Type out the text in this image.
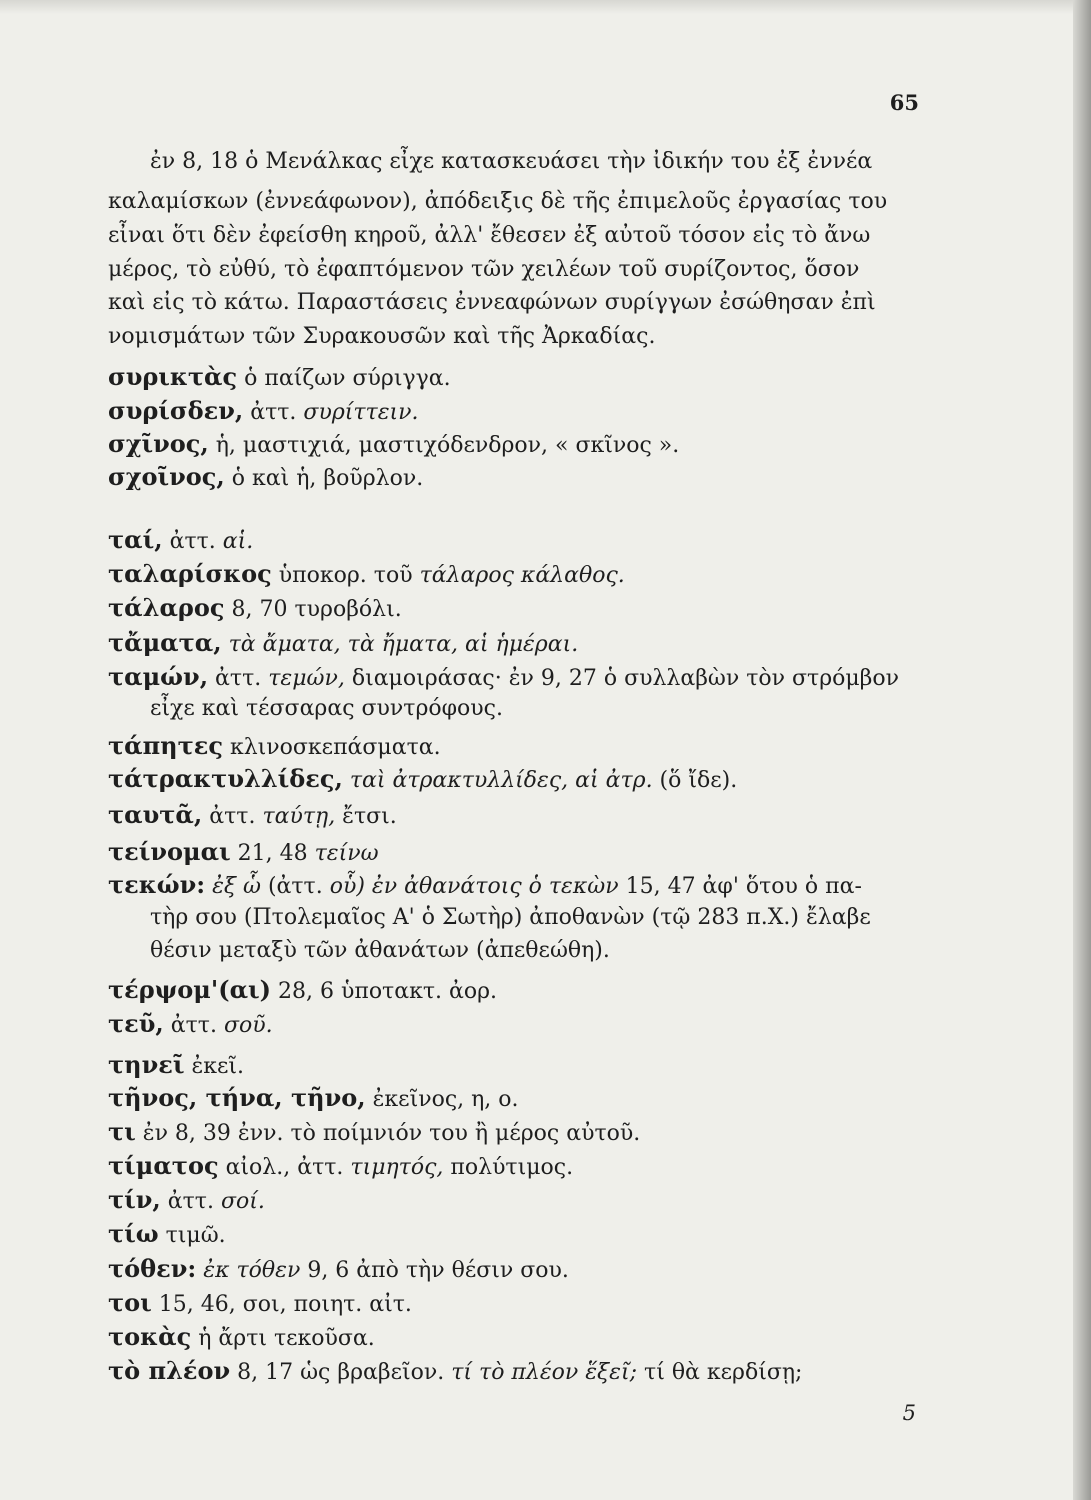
65
ἐν 8, 18 ὁ Μενάλκας εἶχε κατασκευάσει τὴν ἰδικήν του ἐξ ἐννέα
καλαμίσκων (ἐννεάφωνον), ἀπόδειξις δὲ τῆς ἐπιμελοῦς ἐργασίας του
εἶναι ὅτι δὲν ἐφείσθη κηροῦ, ἀλλ' ἔθεσεν ἐξ αὐτοῦ τόσον εἰς τὸ ἄνω
μέρος, τὸ εὐθύ, τὸ ἐφαπτόμενον τῶν χειλέων τοῦ συρίζοντος, ὅσον
καὶ εἰς τὸ κάτω. Παραστάσεις ἐννεαφώνων συρίγγων ἐσώθησαν ἐπὶ
νομισμάτων τῶν Συρακουσῶν καὶ τῆς Ἀρκαδίας.
συρικτὰς ὁ παίζων σύριγγα.
συρίσδεν, ἀττ. συρίττειν.
σχῖνος, ἡ, μαστιχιά, μαστιχόδενδρον, « σκῖνος ».
σχοῖνος, ὁ καὶ ἡ, βοῦρλον.
ταί, ἀττ. αἱ.
ταλαρίσκος ὑποκορ. τοῦ τάλαρος κάλαθος.
τάλαρος 8, 70 τυροβόλι.
τἄματα, τὰ ἄματα, τὰ ἤματα, αἱ ἡμέραι.
ταμών, ἀττ. τεμών, διαμοιράσας· ἐν 9, 27 ὁ συλλαβὼν τὸν στρόμβον
εἶχε καὶ τέσσαρας συντρόφους.
τάπητες κλινοσκεπάσματα.
τάτρακτυλλίδες, ταὶ ἀτρακτυλλίδες, αἱ ἀτρ. (ὅ ἴδε).
ταυτᾶ, ἀττ. ταύτῃ, ἔτσι.
τείνομαι 21, 48 τείνω
τεκών: ἐξ ὧ (ἀττ. οὗ) ἐν ἀθανάτοις ὁ τεκὼν 15, 47 ἀφ' ὅτου ὁ πα-
τὴρ σου (Πτολεμαῖος Α' ὁ Σωτὴρ) ἀποθανὼν (τῷ 283 π.Χ.) ἔλαβε
θέσιν μεταξὺ τῶν ἀθανάτων (ἀπεθεώθη).
τέρψομ'(αι) 28, 6 ὑποτακτ. ἀορ.
τεῦ, ἀττ. σοῦ.
τηνεῖ ἐκεῖ.
τῆνος, τήνα, τῆνο, ἐκεῖνος, η, ο.
τι ἐν 8, 39 ἐνν. τὸ ποίμνιόν του ἢ μέρος αὐτοῦ.
τίματος αἰολ., ἀττ. τιμητός, πολύτιμος.
τίν, ἀττ. σοί.
τίω τιμῶ.
τόθεν: ἐκ τόθεν 9, 6 ἀπὸ τὴν θέσιν σου.
τοι 15, 46, σοι, ποιητ. αἰτ.
τοκὰς ἡ ἄρτι τεκοῦσα.
τὸ πλέον 8, 17 ὡς βραβεῖον. τί τὸ πλέον ἕξεῖ; τί θὰ κερδίσῃ;
5
